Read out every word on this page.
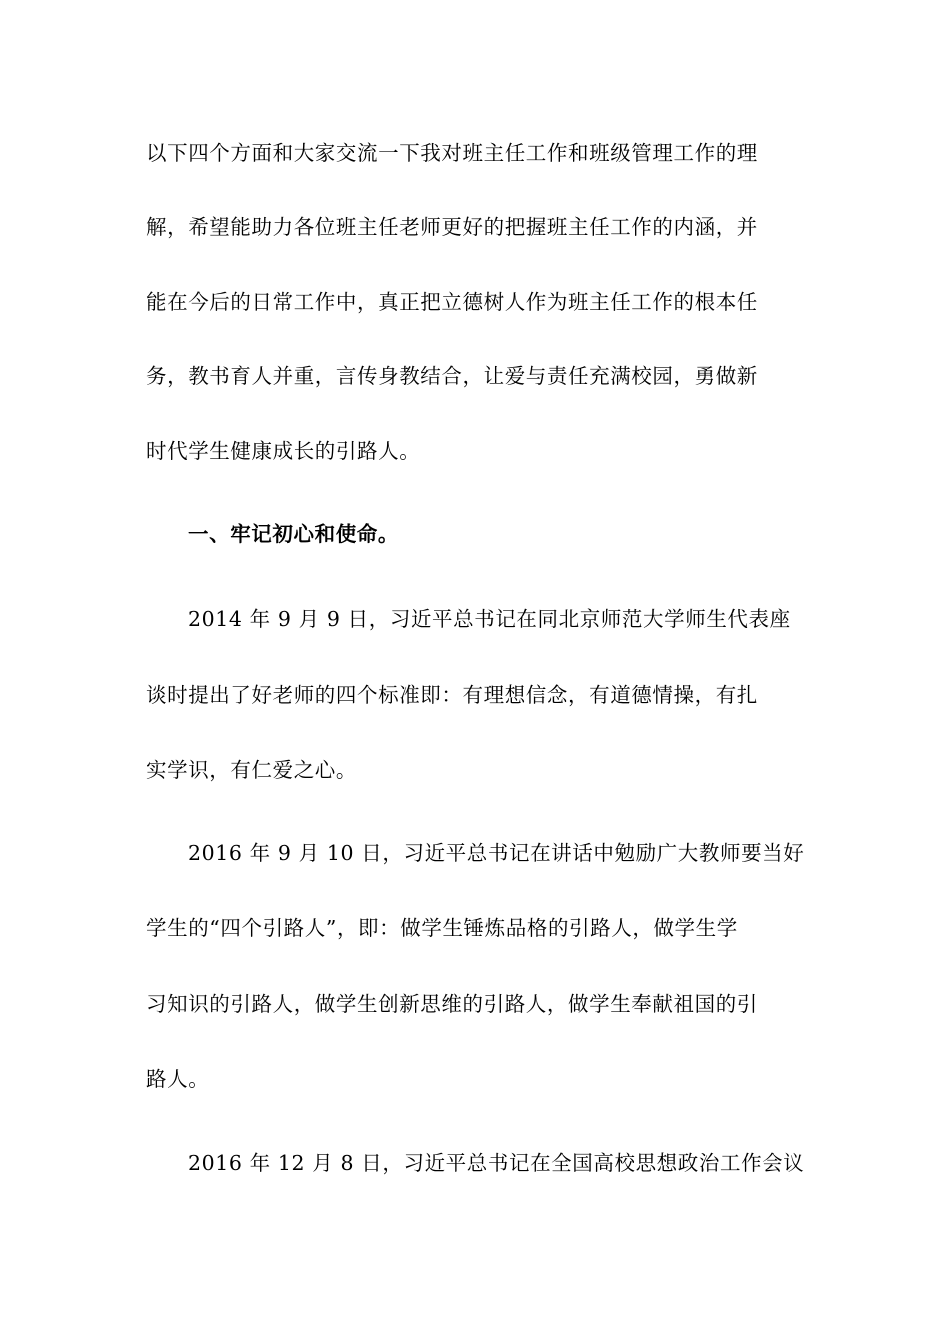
以下四个方面和大家交流一下我对班主任工作和班级管理工作的理
解，希望能助力各位班主任老师更好的把握班主任工作的内涵，并
能在今后的日常工作中，真正把立德树人作为班主任工作的根本任
务，教书育人并重，言传身教结合，让爱与责任充满校园，勇做新
时代学生健康成长的引路人。
一、牢记初心和使命。
2014 年 9 月 9 日，习近平总书记在同北京师范大学师生代表座
谈时提出了好老师的四个标准即：有理想信念，有道德情操，有扎
实学识，有仁爱之心。
2016 年 9 月 10 日，习近平总书记在讲话中勉励广大教师要当好
学生的“四个引路人”，即：做学生锤炼品格的引路人，做学生学
习知识的引路人，做学生创新思维的引路人，做学生奉献祖国的引
路人。
2016 年 12 月 8 日，习近平总书记在全国高校思想政治工作会议
